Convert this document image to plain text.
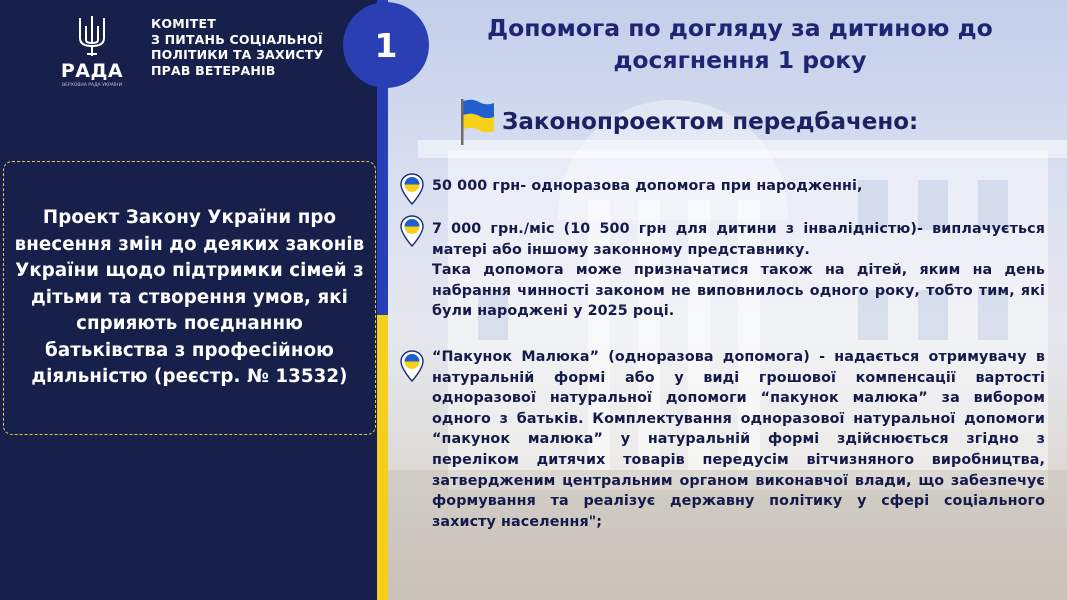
РАДА
ВЕРХОВНА РАДА УКРАЇНИ
КОМІТЕТ
З ПИТАНЬ СОЦІАЛЬНОЇ
ПОЛІТИКИ ТА ЗАХИСТУ
ПРАВ ВЕТЕРАНІВ
Проект Закону України про внесення змін до деяких законів України щодо підтримки сімей з дітьми та створення умов, які сприяють поєднанню батьківства з професійною діяльністю (реєстр. № 13532)
1	Допомога по догляду за дитиною до досягнення 1 року
Законопроектом передбачено:

50 000 грн- одноразова допомога при народженні,

7 000 грн./міс (10 500 грн для дитини з інвалідністю)- виплачується матері або іншому законному представнику.

Така допомога може призначатися також на дітей, яким на день набрання чинності законом не виповнилось одного року, тобто тим, які були народжені у 2025 році.

“Пакунок Малюка” (одноразова допомога) - надається отримувачу в натуральній формі або у виді грошової компенсації вартості одноразової натуральної допомоги “пакунок малюка” за вибором одного з батьків. Комплектування одноразової натуральної допомоги “пакунок малюка” у натуральній формі здійснюється згідно з переліком дитячих товарів передусім вітчизняного виробництва, затвердженим центральним органом виконавчої влади, що забезпечує формування та реалізує державну політику у сфері соціального захисту населення";
